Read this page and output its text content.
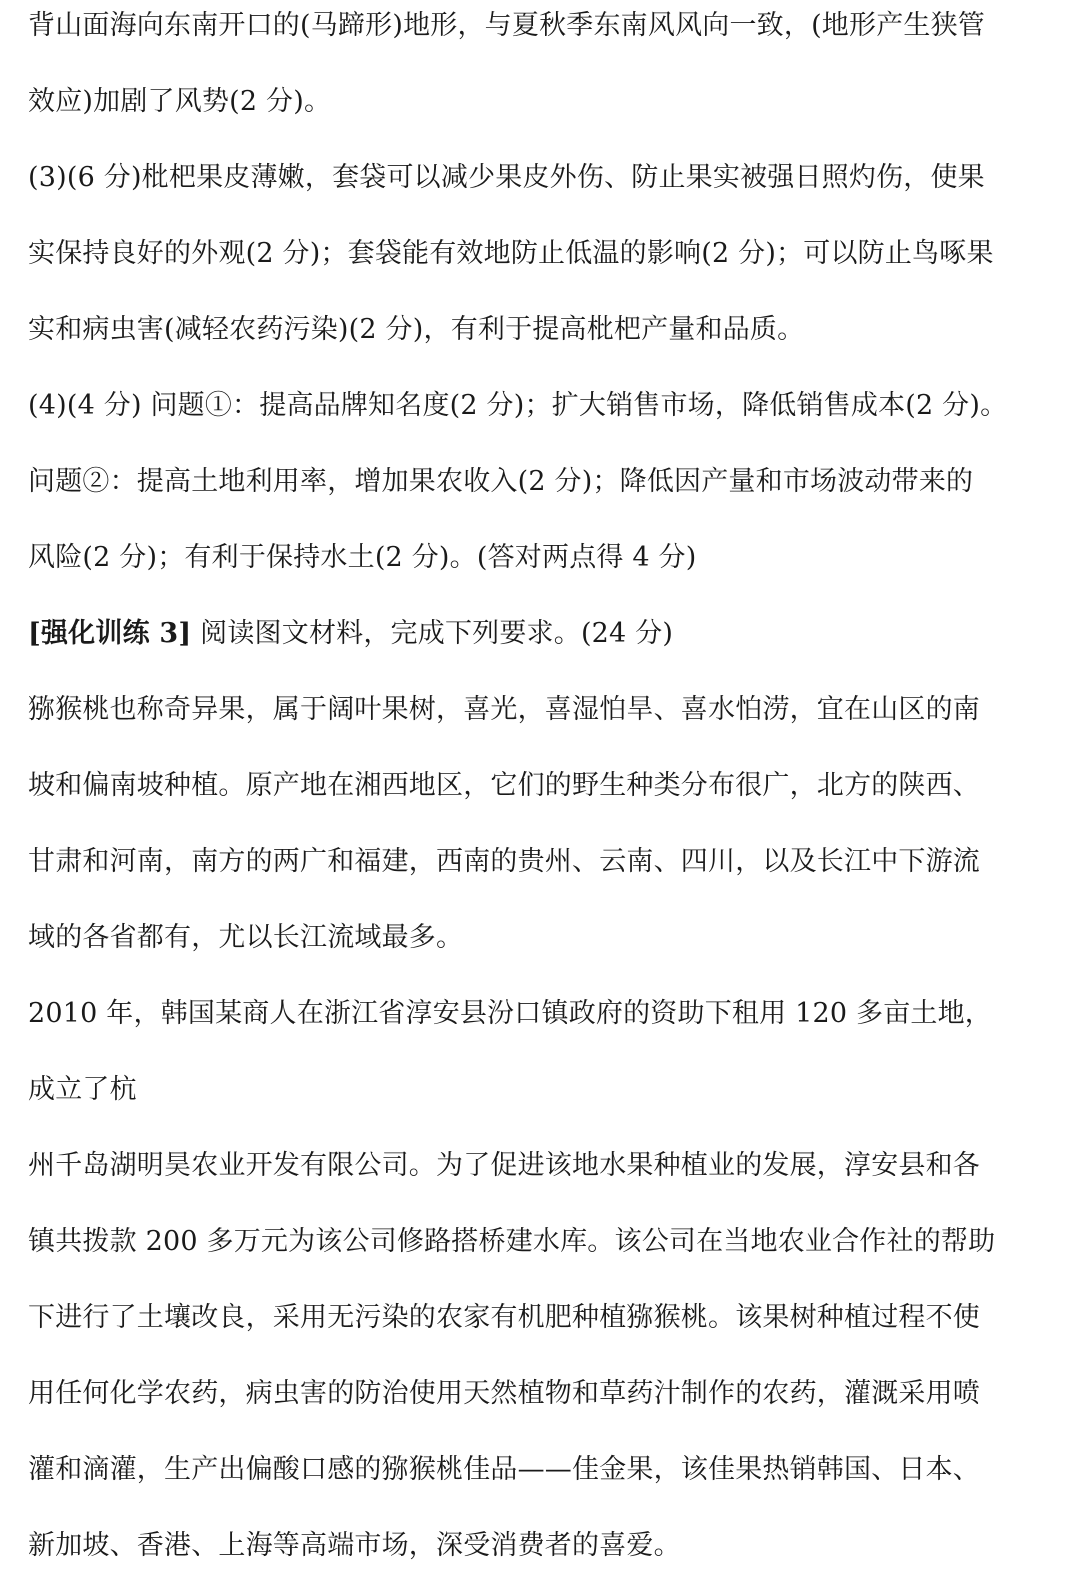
背山面海向东南开口的(马蹄形)地形，与夏秋季东南风风向一致，(地形产生狭管
效应)加剧了风势(2 分)。
(3)(6 分)枇杷果皮薄嫩，套袋可以减少果皮外伤、防止果实被强日照灼伤，使果
实保持良好的外观(2 分)；套袋能有效地防止低温的影响(2 分)；可以防止鸟啄果
实和病虫害(减轻农药污染)(2 分)，有利于提高枇杷产量和品质。
(4)(4 分) 问题①：提高品牌知名度(2 分)；扩大销售市场，降低销售成本(2 分)。
问题②：提高土地利用率，增加果农收入(2 分)；降低因产量和市场波动带来的
风险(2 分)；有利于保持水土(2 分)。(答对两点得 4 分)
[强化训练 3] 阅读图文材料，完成下列要求。(24 分)
猕猴桃也称奇异果，属于阔叶果树，喜光，喜湿怕旱、喜水怕涝，宜在山区的南
坡和偏南坡种植。原产地在湘西地区，它们的野生种类分布很广，北方的陕西、
甘肃和河南，南方的两广和福建，西南的贵州、云南、四川，以及长江中下游流
域的各省都有，尤以长江流域最多。
2010 年，韩国某商人在浙江省淳安县汾口镇政府的资助下租用 120 多亩土地，
成立了杭
州千岛湖明昊农业开发有限公司。为了促进该地水果种植业的发展，淳安县和各
镇共拨款 200 多万元为该公司修路搭桥建水库。该公司在当地农业合作社的帮助
下进行了土壤改良，采用无污染的农家有机肥种植猕猴桃。该果树种植过程不使
用任何化学农药，病虫害的防治使用天然植物和草药汁制作的农药，灌溉采用喷
灌和滴灌，生产出偏酸口感的猕猴桃佳品——佳金果，该佳果热销韩国、日本、
新加坡、香港、上海等高端市场，深受消费者的喜爱。
